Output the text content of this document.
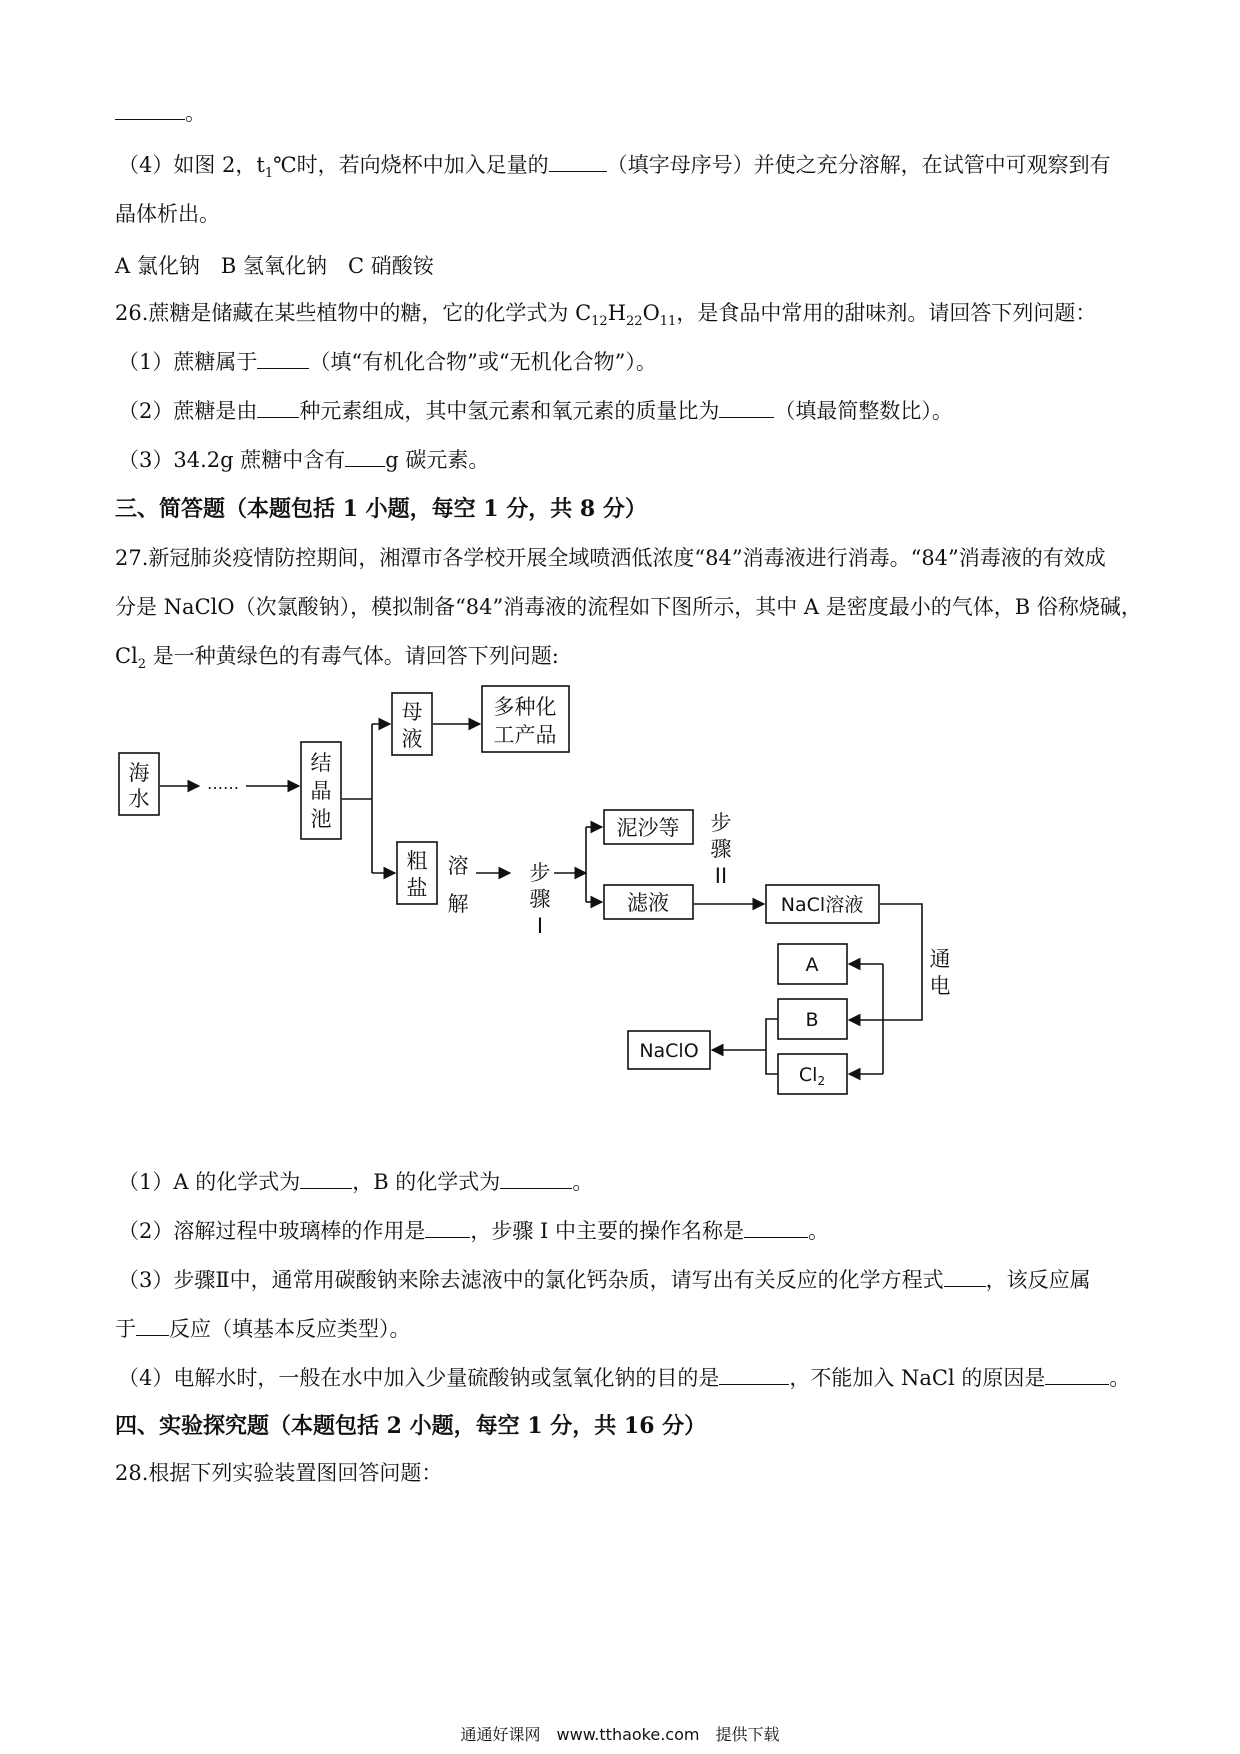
。
（4）如图 2，$t_1℃$时，若向烧杯中加入足量的	（填字母序号）并使之充分溶解，在试管中可观察到有
晶体析出。
A 氯化钠　B 氢氧化钠　C 硝酸铵
26.蔗糖是储藏在某些植物中的糖，它的化学式为 $C_{12}H_{22}O_{11}$，是食品中常用的甜味剂。请回答下列问题：
（1）蔗糖属于 （填“有机化合物”或“无机化合物”）。
（2）蔗糖是由 种元素组成，其中氢元素和氧元素的质量比为	（填最简整数比）。
（3）34.2g 蔗糖中含有 g 碳元素。
三、简答题（本题包括 1 小题，每空 1 分，共 8 分）
27.新冠肺炎疫情防控期间，湘潭市各学校开展全域喷洒低浓度“84”消毒液进行消毒。“84”消毒液的有效成
分是 NaClO（次氯酸钠），模拟制备“84”消毒液的流程如下图所示，其中 A 是密度最小的气体，B 俗称烧碱，
$Cl_2$ 是一种黄绿色的有毒气体。请回答下列问题:
海
水
……
结
晶
池
母
液
多种化
工产品
粗
盐
溶
解
步
骤
I
泥沙等
滤液
步
骤
II
NaCl溶液
通
电
A
B
$Cl_2$
NaClO
（1）A 的化学式为 ，B 的化学式为	。
（2）溶解过程中玻璃棒的作用是 ，步骤 I 中主要的操作名称是	。
（3）步骤Ⅱ中，通常用碳酸钠来除去滤液中的氯化钙杂质，请写出有关反应的化学方程式 ，该反应属
于 反应（填基本反应类型）。
（4）电解水时，一般在水中加入少量硫酸钠或氢氧化钠的目的是	，不能加入 NaCl 的原因是	。
四、实验探究题（本题包括 2 小题，每空 1 分，共 16 分）
28.根据下列实验装置图回答问题：
通通好课网　www.tthaoke.com　提供下载
